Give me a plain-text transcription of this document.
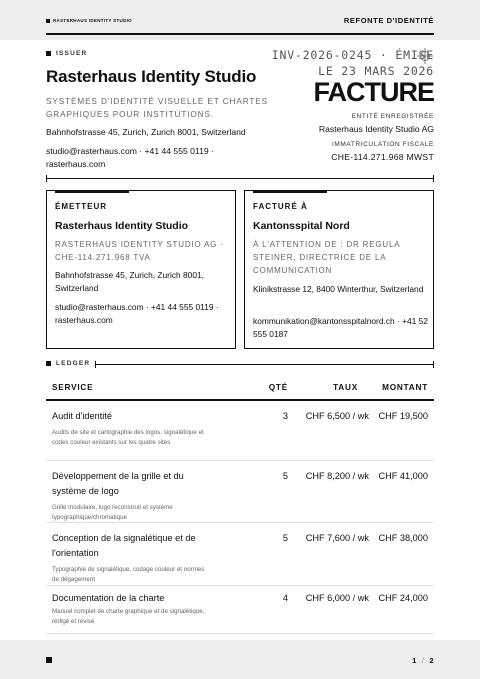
RASTERHAUS IDENTITY STUDIO	REFONTE D'IDENTITÉ
ISSUER
Rasterhaus Identity Studio
SYSTÈMES D'IDENTITÉ VISUELLE ET CHARTES GRAPHIQUES POUR INSTITUTIONS.
Bahnhofstrasse 45, Zurich, Zurich 8001, Switzerland
studio@rasterhaus.com · +41 44 555 0119 · rasterhaus.com
INV-2026-0245 · ÉMISE
LE 23 MARS 2026
FACTURE
ENTITÉ ENREGISTRÉE
Rasterhaus Identity Studio AG
IMMATRICULATION FISCALE
CHE-114.271.968 MWST
ÉMETTEUR
Rasterhaus Identity Studio
RASTERHAUS IDENTITY STUDIO AG · CHE-114.271.968 TVA
Bahnhofstrasse 45, Zurich, Zurich 8001, Switzerland
studio@rasterhaus.com · +41 44 555 0119 · rasterhaus.com
FACTURÉ À
Kantonsspital Nord
À L'ATTENTION DE : DR REGULA STEINER, DIRECTRICE DE LA COMMUNICATION
Klinikstrasse 12, 8400 Winterthur, Switzerland
kommunikation@kantonsspitalnord.ch · +41 52 555 0187
LEDGER
SERVICE	QTÉ	TAUX	MONTANT
Audit d'identité
Audits de site et cartographie des logos, signalétique et codes couleur existants sur les quatre sites
3 CHF 6,500 / wk CHF 19,500
Développement de la grille et du système de logo
Grille modulaire, logo reconstruit et système typographique/chromatique
5 CHF 8,200 / wk CHF 41,000
Conception de la signalétique et de l'orientation
Typographie de signalétique, codage couleur et normes de dégagement
5 CHF 7,600 / wk CHF 38,000
Documentation de la charte
Manuel complet de charte graphique et de signalétique, rédigé et révisé
4 CHF 6,000 / wk CHF 24,000
1 / 2
